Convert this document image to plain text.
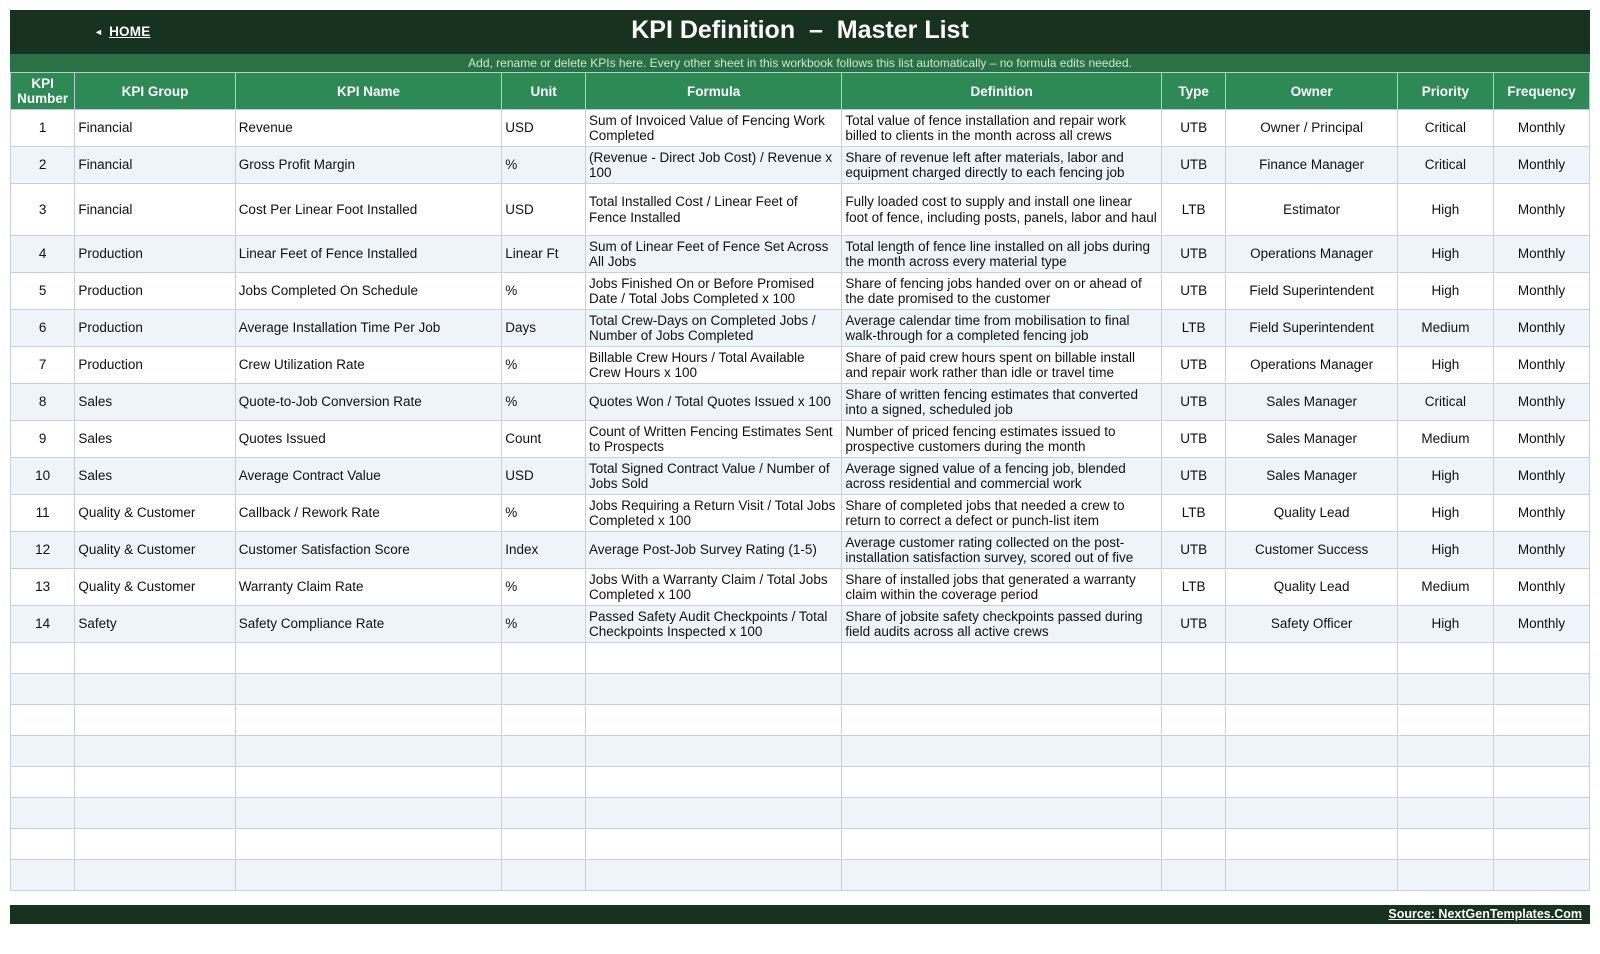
◄ HOME	KPI Definition  –  Master List
Add, rename or delete KPIs here. Every other sheet in this workbook follows this list automatically – no formula edits needed.
KPI Number	KPI Group	KPI Name	Unit	Formula	Definition	Type	Owner	Priority	Frequency
1	Financial	Revenue	USD	Sum of Invoiced Value of Fencing Work Completed	Total value of fence installation and repair work billed to clients in the month across all crews	UTB	Owner / Principal	Critical	Monthly
2	Financial	Gross Profit Margin	%	(Revenue - Direct Job Cost) / Revenue x 100	Share of revenue left after materials, labor and equipment charged directly to each fencing job	UTB	Finance Manager	Critical	Monthly
3	Financial	Cost Per Linear Foot Installed	USD	Total Installed Cost / Linear Feet of Fence Installed	Fully loaded cost to supply and install one linear foot of fence, including posts, panels, labor and haul	LTB	Estimator	High	Monthly
4	Production	Linear Feet of Fence Installed	Linear Ft	Sum of Linear Feet of Fence Set Across All Jobs	Total length of fence line installed on all jobs during the month across every material type	UTB	Operations Manager	High	Monthly
5	Production	Jobs Completed On Schedule	%	Jobs Finished On or Before Promised Date / Total Jobs Completed x 100	Share of fencing jobs handed over on or ahead of the date promised to the customer	UTB	Field Superintendent	High	Monthly
6	Production	Average Installation Time Per Job	Days	Total Crew-Days on Completed Jobs / Number of Jobs Completed	Average calendar time from mobilisation to final walk-through for a completed fencing job	LTB	Field Superintendent	Medium	Monthly
7	Production	Crew Utilization Rate	%	Billable Crew Hours / Total Available Crew Hours x 100	Share of paid crew hours spent on billable install and repair work rather than idle or travel time	UTB	Operations Manager	High	Monthly
8	Sales	Quote-to-Job Conversion Rate	%	Quotes Won / Total Quotes Issued x 100	Share of written fencing estimates that converted into a signed, scheduled job	UTB	Sales Manager	Critical	Monthly
9	Sales	Quotes Issued	Count	Count of Written Fencing Estimates Sent to Prospects	Number of priced fencing estimates issued to prospective customers during the month	UTB	Sales Manager	Medium	Monthly
10	Sales	Average Contract Value	USD	Total Signed Contract Value / Number of Jobs Sold	Average signed value of a fencing job, blended across residential and commercial work	UTB	Sales Manager	High	Monthly
11	Quality & Customer	Callback / Rework Rate	%	Jobs Requiring a Return Visit / Total Jobs Completed x 100	Share of completed jobs that needed a crew to return to correct a defect or punch-list item	LTB	Quality Lead	High	Monthly
12	Quality & Customer	Customer Satisfaction Score	Index	Average Post-Job Survey Rating (1-5)	Average customer rating collected on the post-installation satisfaction survey, scored out of five	UTB	Customer Success	High	Monthly
13	Quality & Customer	Warranty Claim Rate	%	Jobs With a Warranty Claim / Total Jobs Completed x 100	Share of installed jobs that generated a warranty claim within the coverage period	LTB	Quality Lead	Medium	Monthly
14	Safety	Safety Compliance Rate	%	Passed Safety Audit Checkpoints / Total Checkpoints Inspected x 100	Share of jobsite safety checkpoints passed during field audits across all active crews	UTB	Safety Officer	High	Monthly

Source: NextGenTemplates.Com
